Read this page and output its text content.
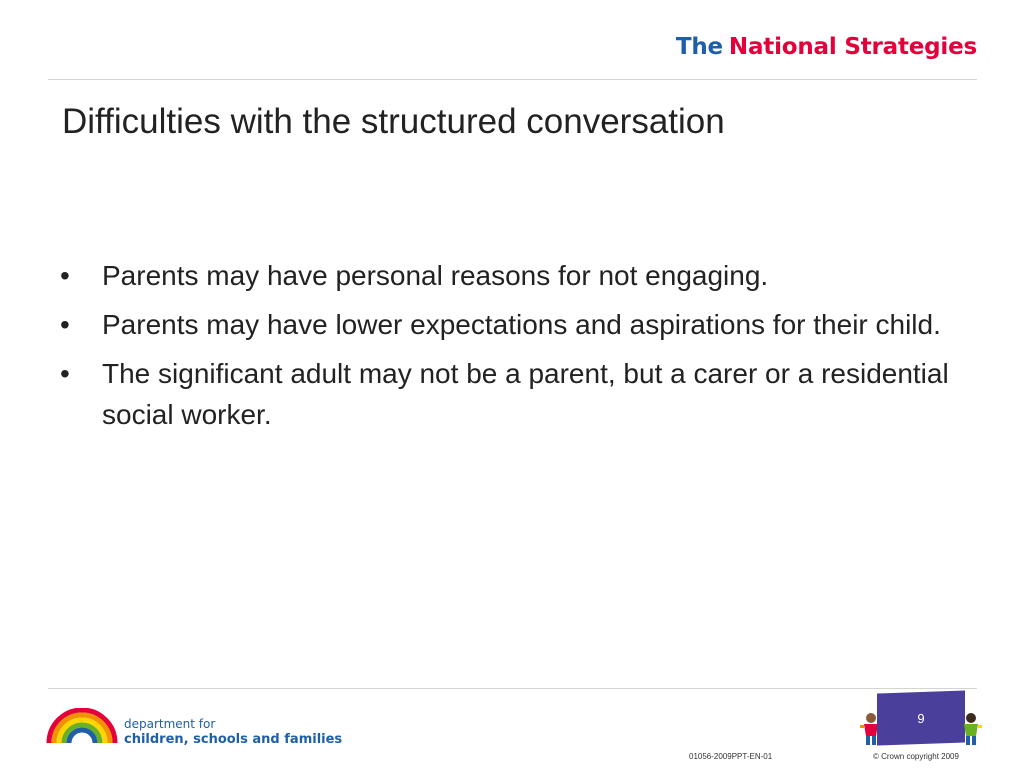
The National Strategies
Difficulties with the structured conversation
• Parents may have personal reasons for not engaging.
• Parents may have lower expectations and aspirations for their child.
• The significant adult may not be a parent, but a carer or a residential social worker.
department for
children, schools and families
9
01056-2009PPT-EN-01	© Crown copyright 2009
